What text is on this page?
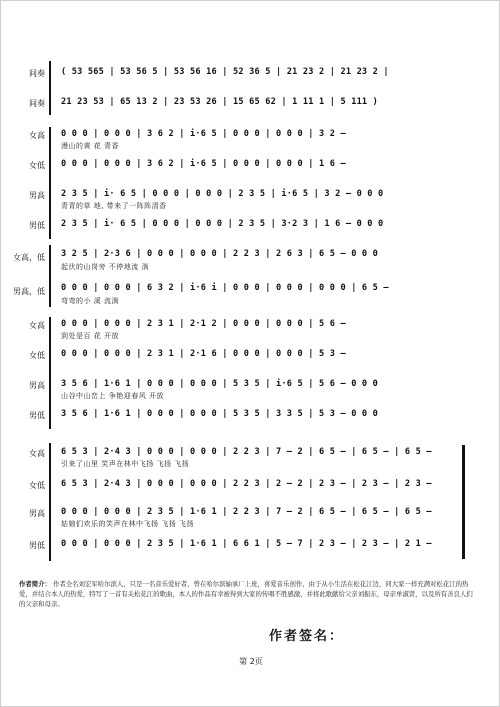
间奏 ( 53 565 | 53 56 5 | 53 56 16 | 52 36 5 | 21 23 2 | 21 23 2 |
间奏 21 23 53 | 65 13 2 | 23 53 26 | 15 65 62 | 1 11 1 | 5 111 )
女高 0 0 0 | 0 0 0 | 3 6 2 | i·6 5 | 0 0 0 | 0 0 0 | 3 2 —
漫山的黄 花 青香
女低 0 0 0 | 0 0 0 | 3 6 2 | i·6 5 | 0 0 0 | 0 0 0 | 1 6 —
男高 2 3 5 | i· 6 5 | 0 0 0 | 0 0 0 | 2 3 5 | i·6 5 | 3 2 — 0 0 0
青青的草 地, 带来了一阵阵清香
男低 2 3 5 | i· 6 5 | 0 0 0 | 0 0 0 | 2 3 5 | 3·2 3 | 1 6 — 0 0 0
女高，低 3 2 5 | 2·3 6 | 0 0 0 | 0 0 0 | 2 2 3 | 2 6 3 | 6 5 — 0 0 0
起伏的山岗旁 不停地流 淌
男高，低 0 0 0 | 0 0 0 | 6 3 2 | i·6 i | 0 0 0 | 0 0 0 | 0 0 0 | 6 5 —
弯弯的小 溪 流淌
女高 0 0 0 | 0 0 0 | 2 3 1 | 2·1 2 | 0 0 0 | 0 0 0 | 5 6 —
到处是百 花 开放
女低 0 0 0 | 0 0 0 | 2 3 1 | 2·1 6 | 0 0 0 | 0 0 0 | 5 3 —
男高 3 5 6 | 1·6 1 | 0 0 0 | 0 0 0 | 5 3 5 | i·6 5 | 5 6 — 0 0 0
山谷中山峦上 争艳迎春风 开放
男低 3 5 6 | 1·6 1 | 0 0 0 | 0 0 0 | 5 3 5 | 3 3 5 | 5 3 — 0 0 0
女高 6 5 3 | 2·4 3 | 0 0 0 | 0 0 0 | 2 2 3 | 7 — 2 | 6 5 — | 6 5 — | 6 5 —
引来了山里 笑声在林中飞扬 飞扬 飞扬
女低 6 5 3 | 2·4 3 | 0 0 0 | 0 0 0 | 2 2 3 | 2 — 2 | 2 3 — | 2 3 — | 2 3 —
男高 0 0 0 | 0 0 0 | 2 3 5 | 1·6 1 | 2 2 3 | 7 — 2 | 6 5 — | 6 5 — | 6 5 —
姑娘们欢乐的笑声在林中飞扬 飞扬 飞扬
男低 0 0 0 | 0 0 0 | 2 3 5 | 1·6 1 | 6 6 1 | 5 — 7 | 2 3 — | 2 3 — | 2 1 —
作者简介： 作者全名刘宏军哈尔滨人，只是一名音乐爱好者，曾在哈尔滨轴承厂上班，喜爱音乐创作，由于从小生活在松花江边，同大家一样充满对松花江的热爱，并结合本人的热爱，特写了一首有关松花江的歌曲，本人的作品有幸被得到大家的传唱不胜感激，并将此歌献给父亲刘振东，母亲单淑贤，以及所有善良人们的父亲和母亲。
作者签名：
第 2页
